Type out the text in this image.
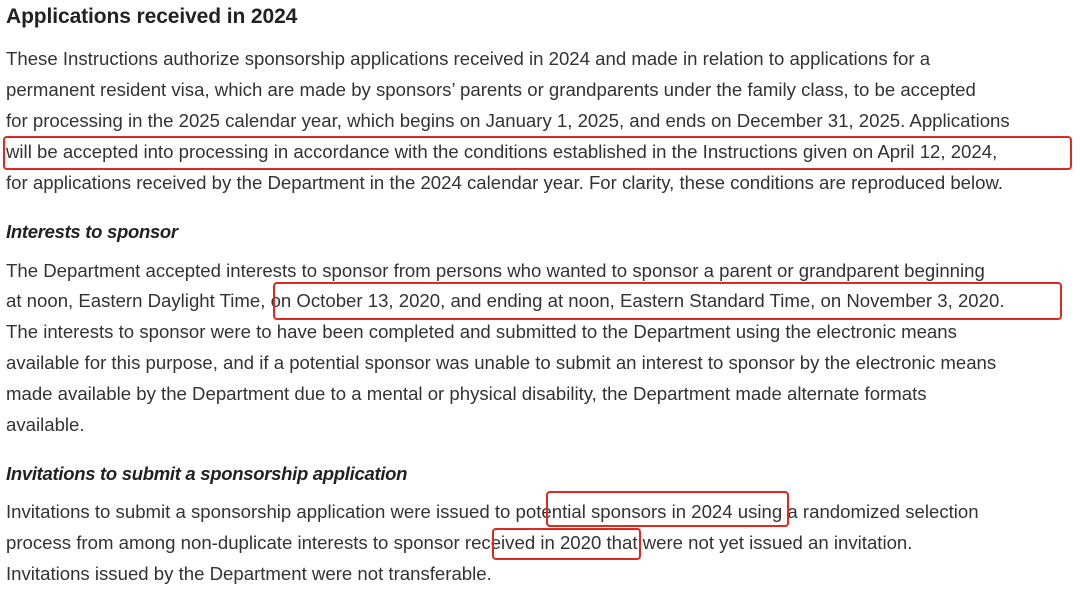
Applications received in 2024
These Instructions authorize sponsorship applications received in 2024 and made in relation to applications for a
permanent resident visa, which are made by sponsors’ parents or grandparents under the family class, to be accepted
for processing in the 2025 calendar year, which begins on January 1, 2025, and ends on December 31, 2025. Applications
will be accepted into processing in accordance with the conditions established in the Instructions given on April 12, 2024,
for applications received by the Department in the 2024 calendar year. For clarity, these conditions are reproduced below.
Interests to sponsor
The Department accepted interests to sponsor from persons who wanted to sponsor a parent or grandparent beginning
at noon, Eastern Daylight Time, on October 13, 2020, and ending at noon, Eastern Standard Time, on November 3, 2020.
The interests to sponsor were to have been completed and submitted to the Department using the electronic means
available for this purpose, and if a potential sponsor was unable to submit an interest to sponsor by the electronic means
made available by the Department due to a mental or physical disability, the Department made alternate formats
available.
Invitations to submit a sponsorship application
Invitations to submit a sponsorship application were issued to potential sponsors in 2024 using a randomized selection
process from among non-duplicate interests to sponsor received in 2020 that were not yet issued an invitation.
Invitations issued by the Department were not transferable.
